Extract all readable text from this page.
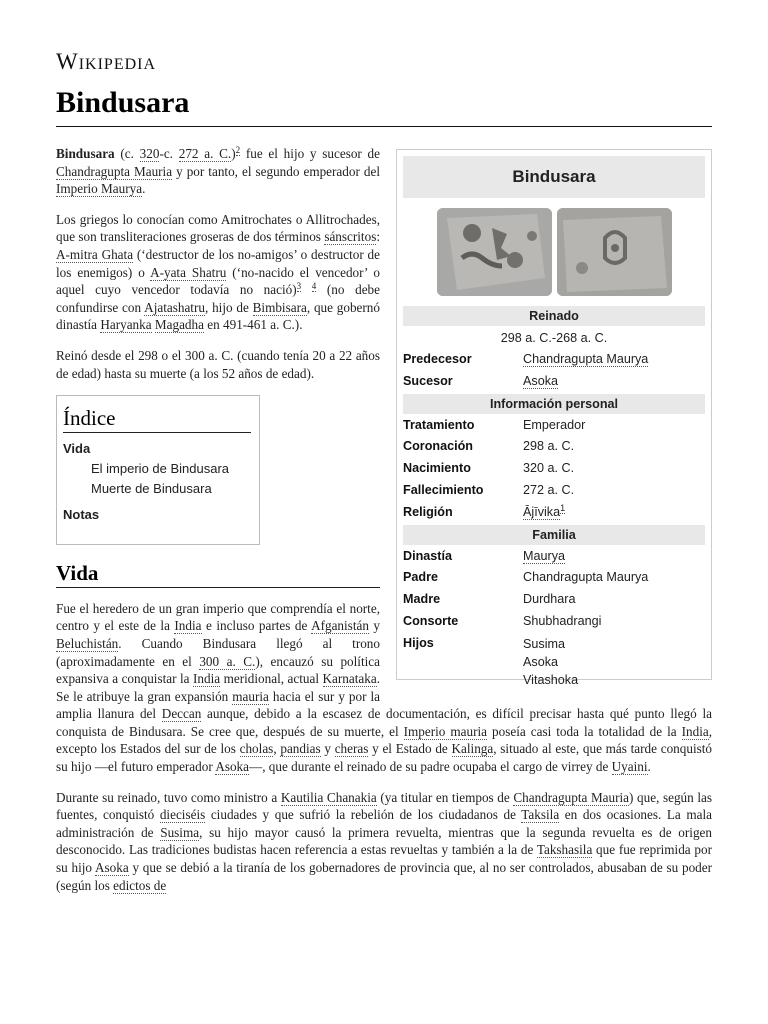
Wikipedia
Bindusara

Bindusara (c. 320-c. 272 a. C.)$^2$ fue el hijo y sucesor de Chandragupta Mauria y por tanto, el segundo emperador del Imperio Maurya.

Los griegos lo conocían como Amitrochates o Allitrochades, que son transliteraciones groseras de dos términos sánscritos: A-mitra Ghata (‘destructor de los no-amigos’ o destructor de los enemigos) o A-yata Shatru (‘no-nacido el vencedor’ o aquel cuyo vencedor todavía no nació)$^3$ $^4$ (no debe confundirse con Ajatashatru, hijo de Bimbisara, que gobernó dinastía Haryanka Magadha en 491-461 a. C.).

Reinó desde el 298 o el 300 a. C. (cuando tenía 20 a 22 años de edad) hasta su muerte (a los 52 años de edad).

Índice
Vida
El imperio de Bindusara
Muerte de Bindusara
Notas
Vida

Fue el heredero de un gran imperio que comprendía el norte, centro y el este de la India e incluso partes de Afganistán y Beluchistán. Cuando Bindusara llegó al trono (aproximadamente en el 300 a. C.), encauzó su política expansiva a conquistar la India meridional, actual Karnataka. Se le atribuye la gran expansión mauria hacia el sur y por la amplia llanura del Deccan aunque, debido a la escasez de documentación, es difícil precisar hasta qué punto llegó la conquista de Bindusara. Se cree que, después de su muerte, el Imperio mauria poseía casi toda la totalidad de la India, excepto los Estados del sur de los cholas, pandias y cheras y el Estado de Kalinga, situado al este, que más tarde conquistó su hijo —el futuro emperador Asoka—, que durante el reinado de su padre ocupaba el cargo de virrey de Uyaini.

Durante su reinado, tuvo como ministro a Kautilia Chanakia (ya titular en tiempos de Chandragupta Mauria) que, según las fuentes, conquistó dieciséis ciudades y que sufrió la rebelión de los ciudadanos de Taksila en dos ocasiones. La mala administración de Susima, su hijo mayor causó la primera revuelta, mientras que la segunda revuelta es de origen desconocido. Las tradiciones budistas hacen referencia a estas revueltas y también a la de Takshasila que fue reprimida por su hijo Asoka y que se debió a la tiranía de los gobernadores de provincia que, al no ser controlados, abusaban de su poder (según los edictos de

Bindusara
Reinado
298 a. C.-268 a. C.
Predecesor	Chandragupta Maurya
Sucesor	Asoka
Información personal
Tratamiento	Emperador
Coronación	298 a. C.
Nacimiento	320 a. C.
Fallecimiento	272 a. C.
Religión	Ājīvika$^1$
Familia
Dinastía	Maurya
Padre	Chandragupta Maurya
Madre	Durdhara
Consorte	Shubhadrangi
Hijos	Susima
Asoka
Vitashoka
